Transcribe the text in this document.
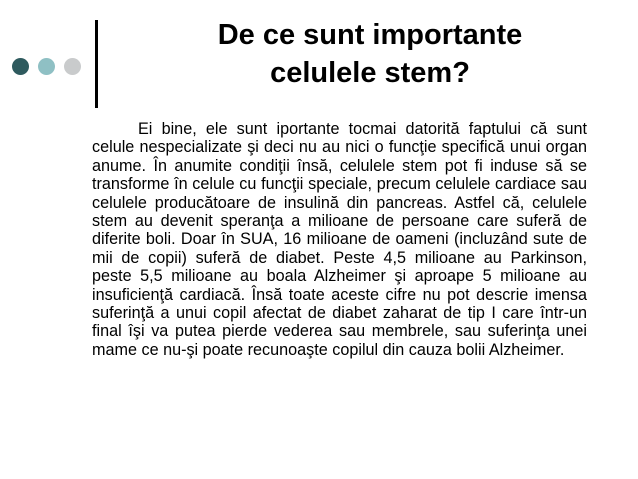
De ce sunt importante
celulele stem?

Ei bine, ele sunt iportante tocmai datorită faptului că sunt celule nespecializate şi deci nu au nici o funcţie specifică unui organ anume. În anumite condiţii însă, celulele stem pot fi induse să se transforme în celule cu funcţii speciale, precum celulele cardiace sau celulele producătoare de insulină din pancreas. Astfel că, celulele stem au devenit speranţa a milioane de persoane care suferă de diferite boli. Doar în SUA, 16 milioane de oameni (incluzând sute de mii de copii) suferă de diabet. Peste 4,5 milioane au Parkinson, peste 5,5 milioane au boala Alzheimer şi aproape 5 milioane au insuficienţă cardiacă. Însă toate aceste cifre nu pot descrie imensa suferinţă a unui copil afectat de diabet zaharat de tip I care într-un final îşi va putea pierde vederea sau membrele, sau suferinţa unei mame ce nu-şi poate recunoaşte copilul din cauza bolii Alzheimer.
